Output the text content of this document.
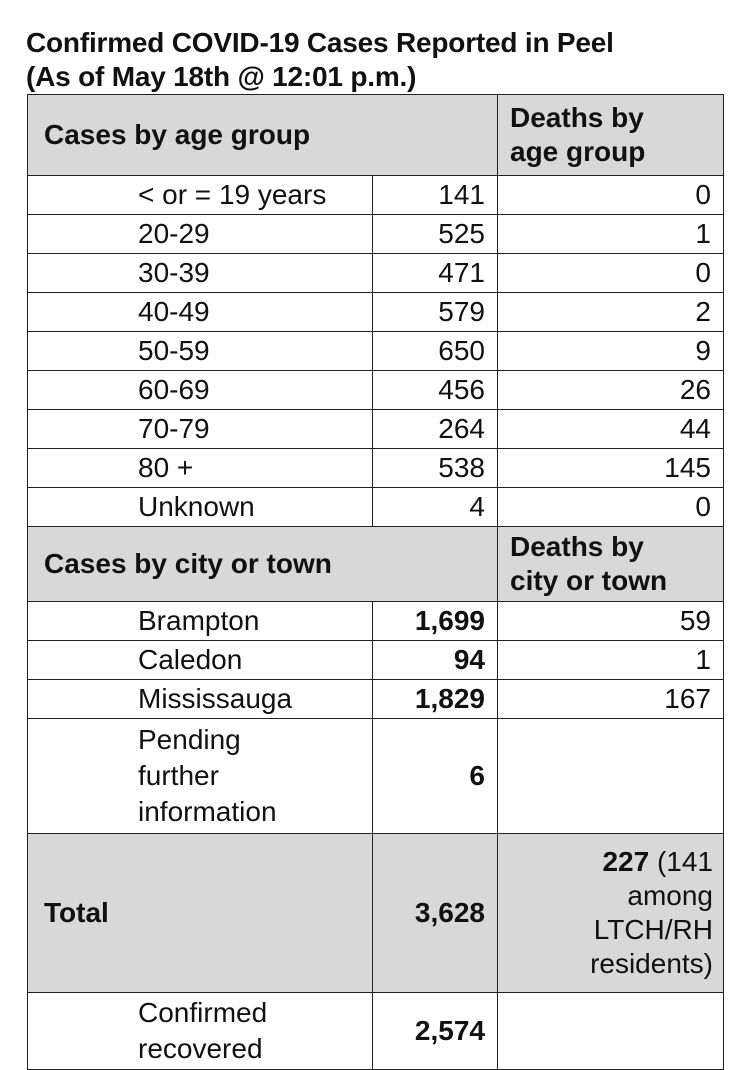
Confirmed COVID-19 Cases Reported in Peel
(As of May 18th @ 12:01 p.m.)
Cases by age group		Deaths by
age group

< or = 19 years	141	0
20-29	525	1
30-39	471	0
40-49	579	2
50-59	650	9
60-69	456	26
70-79	264	44
80 +	538	145
Unknown	4	0
Cases by city or town		Deaths by
city or town

Brampton	1,699	59
Caledon	94	1
Mississauga	1,829	167

Pending
further
information	6	
Total	3,628	227 (141
among
LTCH/RH
residents)

Confirmed
recovered	2,574	
